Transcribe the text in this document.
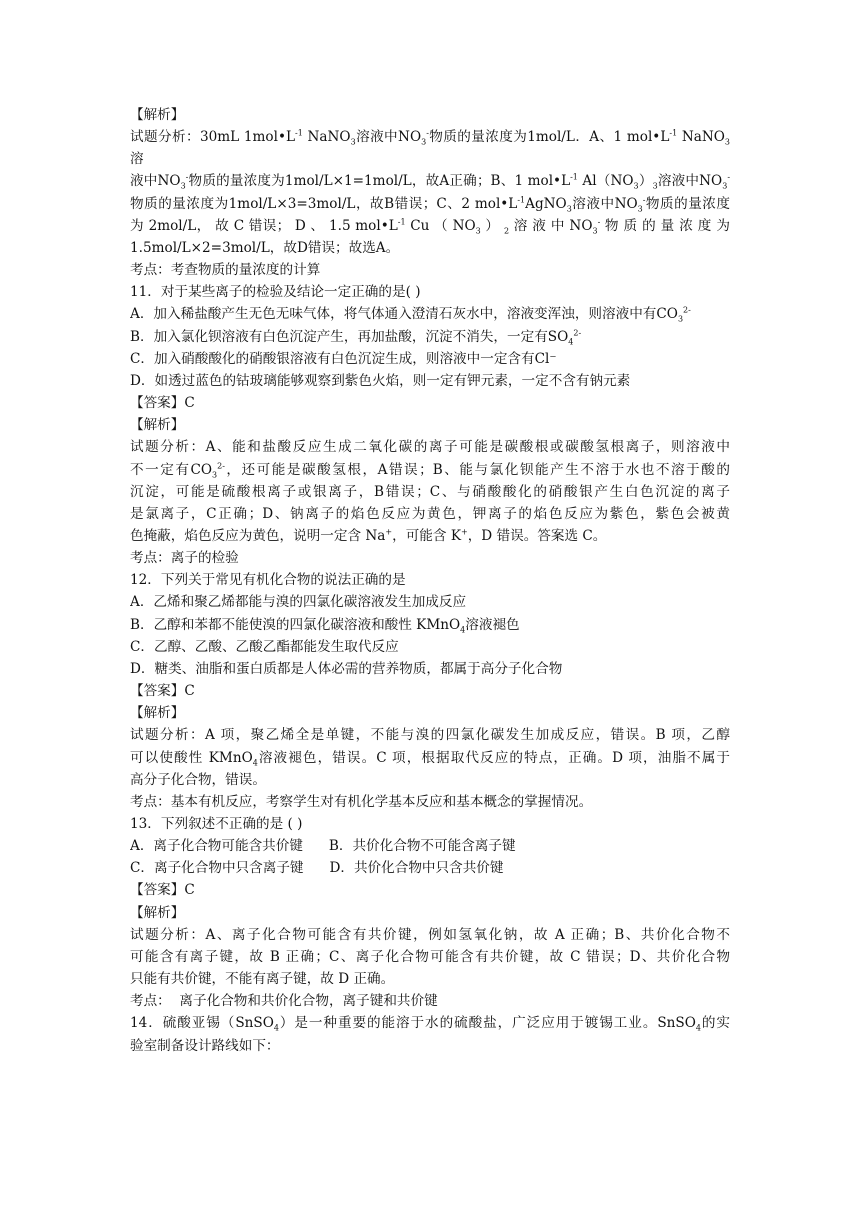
【解析】
试题分析：30mL $1mol•L^{-1}$ NaNO$_3$溶液中$NO_3^-$物质的量浓度为1mol/L．A、1 $mol•L^{-1}$ NaNO$_3$溶
液中$NO_3^-$物质的量浓度为1mol/L×1=1mol/L，故A正确；B、1 $mol•L^{-1}$ $Al(NO_3)_3$溶液中$NO_3^-$
物质的量浓度为1mol/L×3=3mol/L，故B错误；C、2 $mol•L^{-1}AgNO_3$溶液中$NO_3^-$物质的量浓度
为 2mol/L， 故 C 错误； D 、 1.5 $mol•L^{-1}$ Cu （ $NO_3$ ） $_2$ 溶 液 中 $NO_3^-$ 物 质 的 量 浓 度 为
1.5mol/L×2=3mol/L，故D错误；故选A。
考点：考查物质的量浓度的计算
11．对于某些离子的检验及结论一定正确的是( )
A．加入稀盐酸产生无色无味气体，将气体通入澄清石灰水中，溶液变浑浊，则溶液中有$CO_3^{2-}$
B．加入氯化钡溶液有白色沉淀产生，再加盐酸，沉淀不消失，一定有$SO_4^{2-}$
C．加入硝酸酸化的硝酸银溶液有白色沉淀生成，则溶液中一定含有Cl⁻
D．如透过蓝色的钴玻璃能够观察到紫色火焰，则一定有钾元素，一定不含有钠元素
【答案】C
【解析】
试题分析：A、能和盐酸反应生成二氧化碳的离子可能是碳酸根或碳酸氢根离子，则溶液中
不一定有$CO_3^{2-}$，还可能是碳酸氢根，A错误；B、能与氯化钡能产生不溶于水也不溶于酸的
沉淀，可能是硫酸根离子或银离子，B错误；C、与硝酸酸化的硝酸银产生白色沉淀的离子
是氯离子，C正确；D、钠离子的焰色反应为黄色，钾离子的焰色反应为紫色，紫色会被黄
色掩蔽，焰色反应为黄色，说明一定含 Na+，可能含 K+，D 错误。答案选 C。
考点：离子的检验
12．下列关于常见有机化合物的说法正确的是
A．乙烯和聚乙烯都能与溴的四氯化碳溶液发生加成反应
B．乙醇和苯都不能使溴的四氯化碳溶液和酸性 KMnO$_4$溶液褪色
C．乙醇、乙酸、乙酸乙酯都能发生取代反应
D．糖类、油脂和蛋白质都是人体必需的营养物质，都属于高分子化合物
【答案】C
【解析】
试题分析：A 项，聚乙烯全是单键，不能与溴的四氯化碳发生加成反应，错误。B 项，乙醇
可以使酸性 KMnO$_4$溶液褪色，错误。C 项，根据取代反应的特点，正确。D 项，油脂不属于
高分子化合物，错误。
考点：基本有机反应，考察学生对有机化学基本反应和基本概念的掌握情况。
13．下列叙述不正确的是 ( )
A．离子化合物可能含共价键      B．共价化合物不可能含离子键
C．离子化合物中只含离子键      D．共价化合物中只含共价键
【答案】C
【解析】
试题分析：A、离子化合物可能含有共价键，例如氢氧化钠，故 A 正确；B、共价化合物不
可能含有离子键，故 B 正确；C、离子化合物可能含有共价键，故 C 错误；D、共价化合物
只能有共价键，不能有离子键，故 D 正确。
考点：  离子化合物和共价化合物，离子键和共价键
14．硫酸亚锡（SnSO$_4$）是一种重要的能溶于水的硫酸盐，广泛应用于镀锡工业。SnSO$_4$的实
验室制备设计路线如下：
